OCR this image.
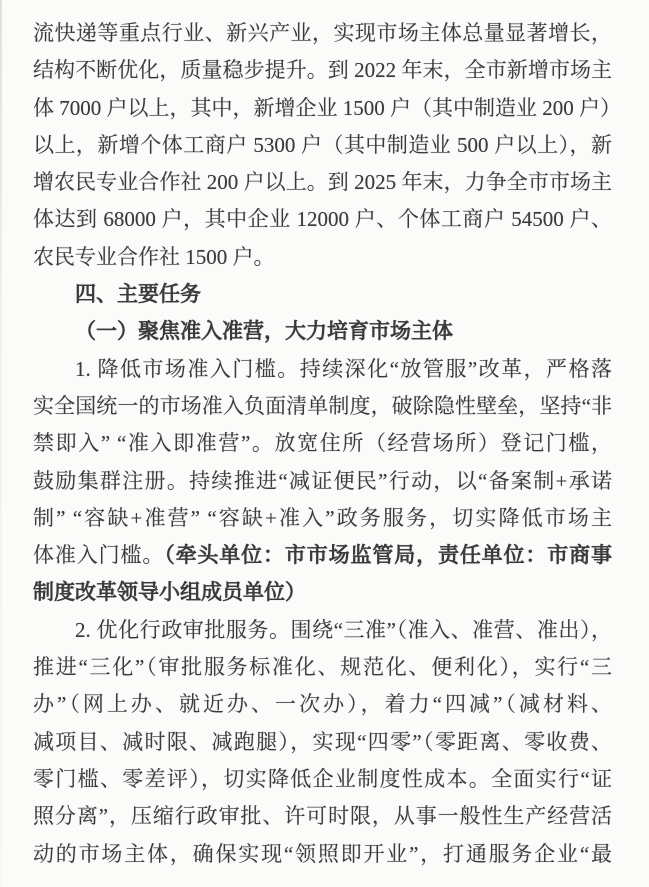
流快递等重点行业、新兴产业，实现市场主体总量显著增长，
结构不断优化，质量稳步提升。到 2022 年末，全市新增市场主
体 7000 户以上，其中，新增企业 1500 户（其中制造业 200 户）
以上，新增个体工商户 5300 户（其中制造业 500 户以上），新
增农民专业合作社 200 户以上。到 2025 年末，力争全市市场主
体达到 68000 户，其中企业 12000 户、个体工商户 54500 户、
农民专业合作社 1500 户。
四、主要任务
（一）聚焦准入准营，大力培育市场主体
1. 降低市场准入门槛。持续深化“放管服”改革，严格落
实全国统一的市场准入负面清单制度，破除隐性壁垒，坚持“非
禁即入” “准入即准营”。放宽住所（经营场所）登记门槛，
鼓励集群注册。持续推进“减证便民”行动，以“备案制+承诺
制” “容缺+准营” “容缺+准入”政务服务，切实降低市场主
体准入门槛。（牵头单位：市市场监管局，责任单位：市商事
制度改革领导小组成员单位）
2. 优化行政审批服务。围绕“三准”（准入、准营、准出），
推进“三化”（审批服务标准化、规范化、便利化），实行“三
办”（网上办、就近办、一次办），着力“四减”（减材料、
减项目、减时限、减跑腿），实现“四零”（零距离、零收费、
零门槛、零差评），切实降低企业制度性成本。全面实行“证
照分离”，压缩行政审批、许可时限，从事一般性生产经营活
动的市场主体，确保实现“领照即开业”，打通服务企业“最
